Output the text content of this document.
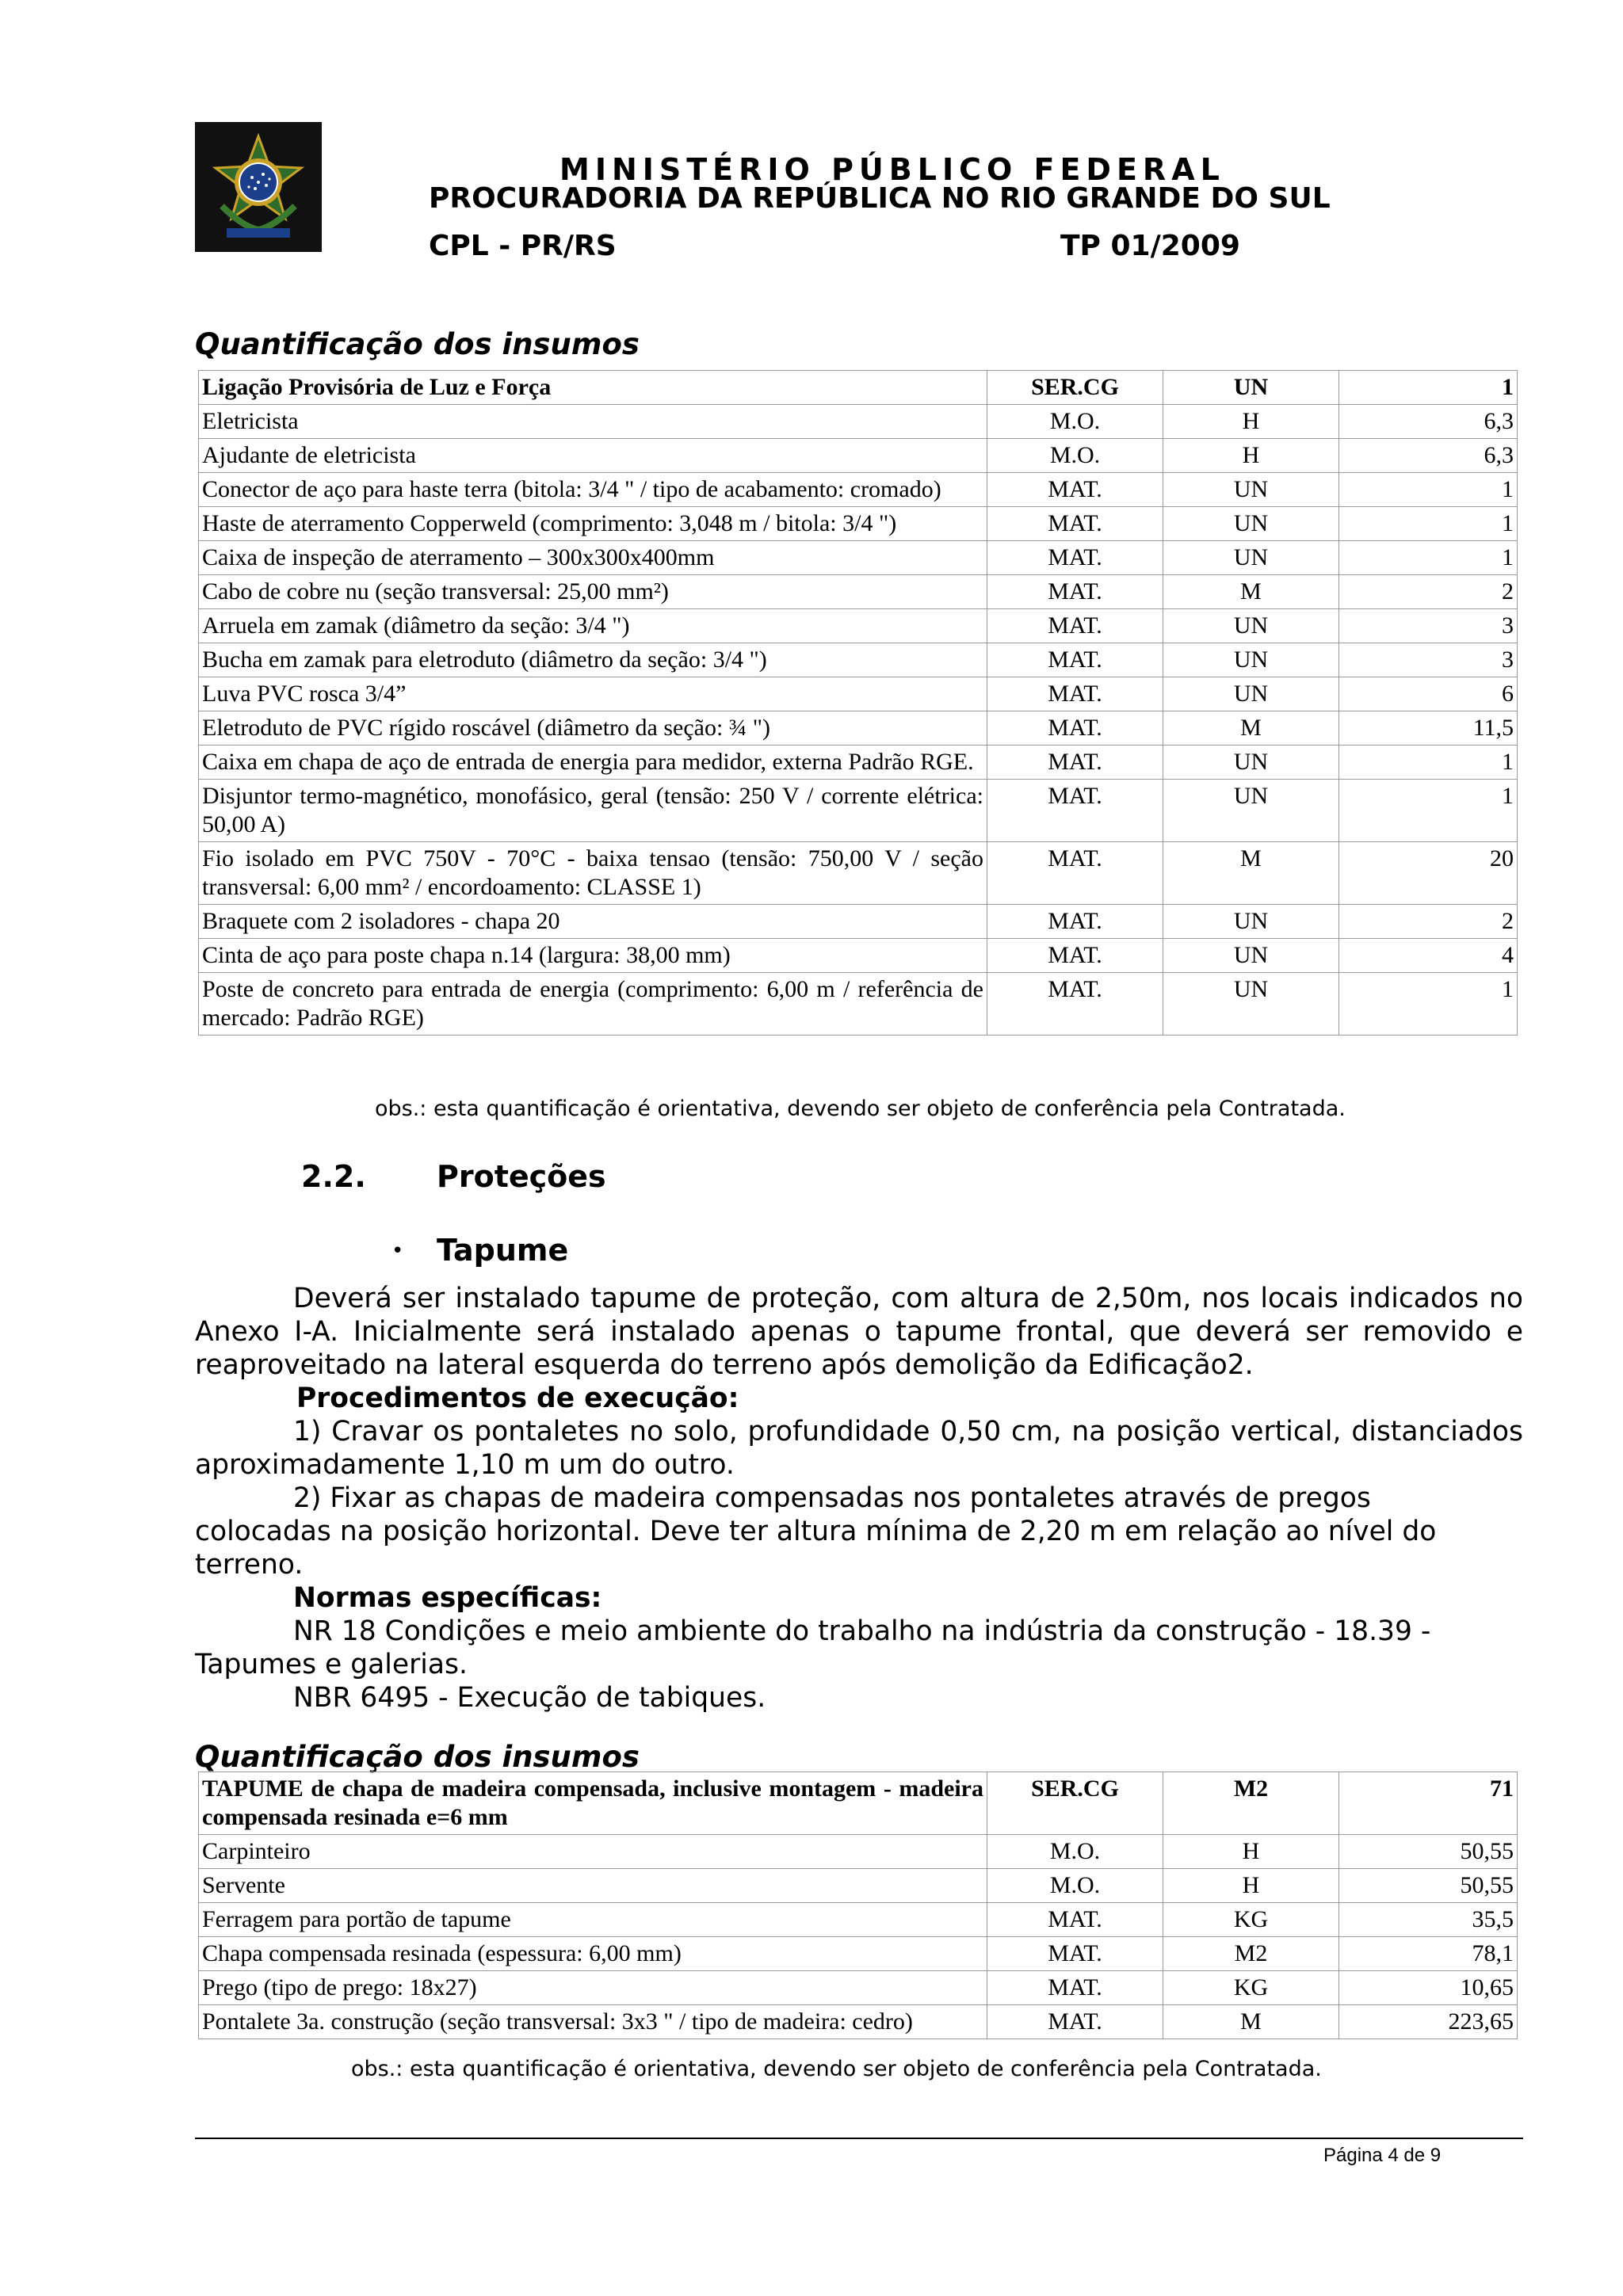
MINISTÉRIO PÚBLICO FEDERAL
PROCURADORIA DA REPÚBLICA NO RIO GRANDE DO SUL
CPL - PR/RS	TP 01/2009
Quantificação dos insumos
Ligação Provisória de Luz e Força	SER.CG	UN	1
Eletricista	M.O.	H	6,3
Ajudante de eletricista	M.O.	H	6,3
Conector de aço para haste terra (bitola: 3/4 " / tipo de acabamento: cromado)	MAT.	UN	1
Haste de aterramento Copperweld (comprimento: 3,048 m / bitola: 3/4 ")	MAT.	UN	1
Caixa de inspeção de aterramento – 300x300x400mm	MAT.	UN	1
Cabo de cobre nu (seção transversal: 25,00 mm²)	MAT.	M	2
Arruela em zamak (diâmetro da seção: 3/4 ")	MAT.	UN	3
Bucha em zamak para eletroduto (diâmetro da seção: 3/4 ")	MAT.	UN	3
Luva PVC rosca 3/4”	MAT.	UN	6
Eletroduto de PVC rígido roscável (diâmetro da seção: ¾ ")	MAT.	M	11,5
Caixa em chapa de aço de entrada de energia para medidor, externa Padrão RGE.	MAT.	UN	1
Disjuntor termo-magnético, monofásico, geral (tensão: 250 V / corrente elétrica: 50,00 A)	MAT.	UN	1
Fio isolado em PVC 750V - 70°C - baixa tensao (tensão: 750,00 V / seção transversal: 6,00 mm² / encordoamento: CLASSE 1)	MAT.	M	20
Braquete com 2 isoladores - chapa 20	MAT.	UN	2
Cinta de aço para poste chapa n.14 (largura: 38,00 mm)	MAT.	UN	4
Poste de concreto para entrada de energia (comprimento: 6,00 m / referência de mercado: Padrão RGE)	MAT.	UN	1
obs.: esta quantificação é orientativa, devendo ser objeto de conferência pela Contratada.
2.2. Proteções
• Tapume

Deverá ser instalado tapume de proteção, com altura de 2,50m, nos locais indicados no Anexo I-A. Inicialmente será instalado apenas o tapume frontal, que deverá ser removido e reaproveitado na lateral esquerda do terreno após demolição da Edificação2.

Procedimentos de execução:

1) Cravar os pontaletes no solo, profundidade 0,50 cm, na posição vertical, distanciados aproximadamente 1,10 m um do outro.

2) Fixar as chapas de madeira compensadas nos pontaletes através de pregos

colocadas na posição horizontal. Deve ter altura mínima de 2,20 m em relação ao nível do terreno.

Normas específicas:

NR 18 Condições e meio ambiente do trabalho na indústria da construção - 18.39 - Tapumes e galerias.

NBR 6495 - Execução de tabiques.

Quantificação dos insumos
TAPUME de chapa de madeira compensada, inclusive montagem - madeira compensada resinada e=6 mm	SER.CG	M2	71
Carpinteiro	M.O.	H	50,55
Servente	M.O.	H	50,55
Ferragem para portão de tapume	MAT.	KG	35,5
Chapa compensada resinada (espessura: 6,00 mm)	MAT.	M2	78,1
Prego (tipo de prego: 18x27)	MAT.	KG	10,65
Pontalete 3a. construção (seção transversal: 3x3 " / tipo de madeira: cedro)	MAT.	M	223,65
obs.: esta quantificação é orientativa, devendo ser objeto de conferência pela Contratada.
Página 4 de 9
